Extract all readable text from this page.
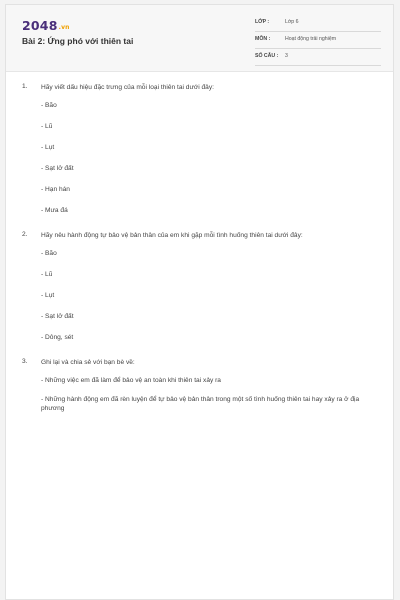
2048.vn
Bài 2: Ứng phó với thiên tai
LỚP :	Lớp 6
MÔN :	Hoạt động trải nghiệm
SỐ CÂU : 3
1. Hãy viết dấu hiệu đặc trưng của mỗi loại thiên tai dưới đây:
- Bão
- Lũ
- Lụt
- Sạt lở đất
- Hạn hán
- Mưa đá
2. Hãy nêu hành động tự bảo vệ bản thân của em khi gặp mỗi tình huống thiên tai dưới đây:
- Bão
- Lũ
- Lụt
- Sạt lở đất
- Dông, sét
3. Ghi lại và chia sẻ với bạn bè về:
- Những việc em đã làm để bảo vệ an toàn khi thiên tai xảy ra
- Những hành động em đã rèn luyện để tự bảo vệ bản thân trong một số tình huống thiên tai hay xảy ra ở địa phương
